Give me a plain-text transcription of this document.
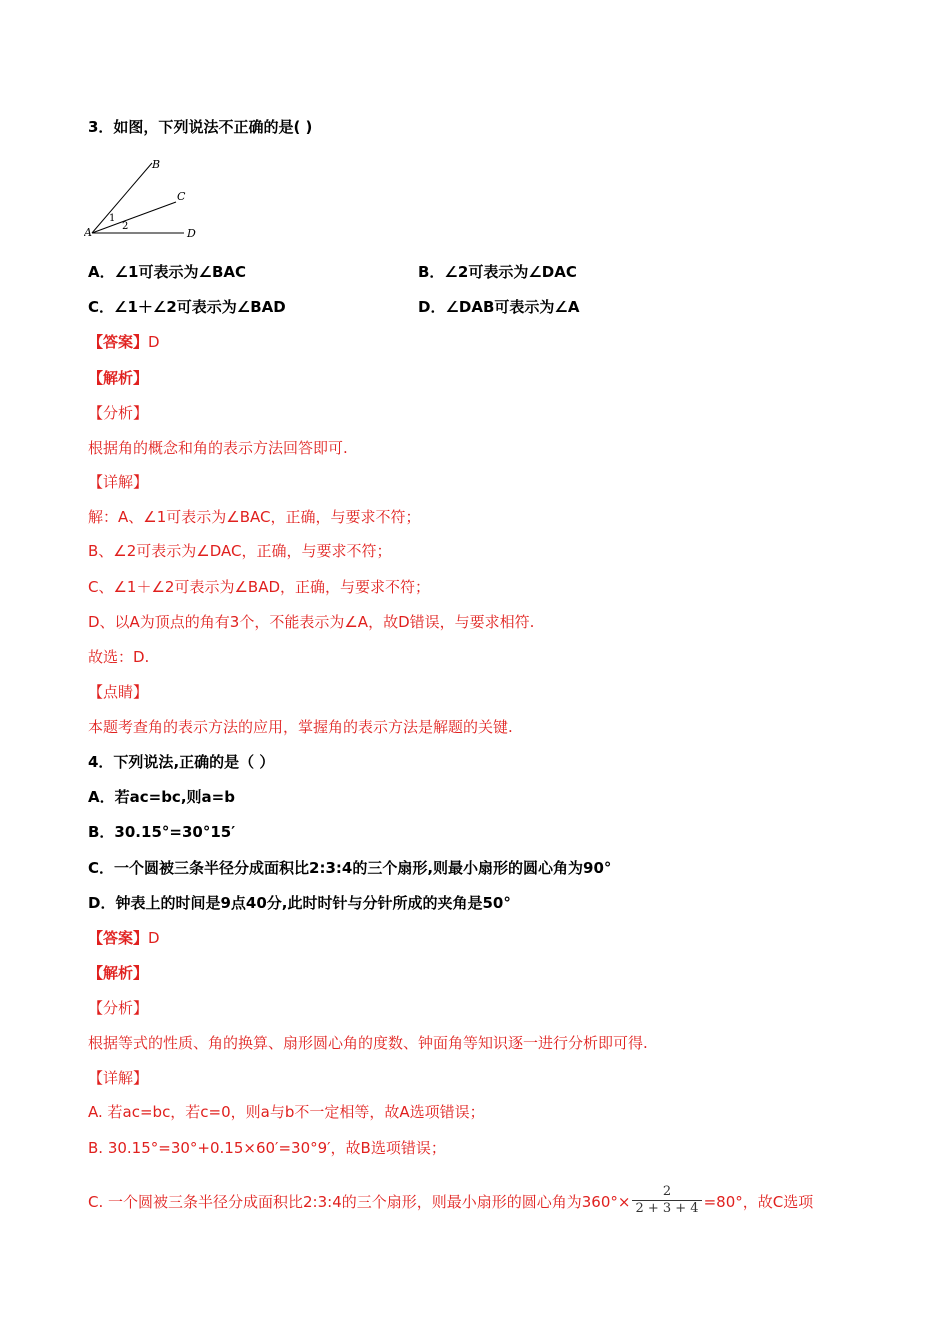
3．如图，下列说法不正确的是( )
A
B
C
D
1
2
A．∠1可表示为∠BAC	B．∠2可表示为∠DAC
C．∠1＋∠2可表示为∠BAD	D．∠DAB可表示为∠A
【答案】D
【解析】
【分析】
根据角的概念和角的表示方法回答即可.
【详解】
解：A、∠1可表示为∠BAC，正确，与要求不符；
B、∠2可表示为∠DAC，正确，与要求不符；
C、∠1＋∠2可表示为∠BAD，正确，与要求不符；
D、以A为顶点的角有3个，不能表示为∠A，故D错误，与要求相符.
故选：D.
【点睛】
本题考查角的表示方法的应用，掌握角的表示方法是解题的关键.
4．下列说法,正确的是（ ）
A．若ac=bc,则a=b
B．30.15°=30°15′
C．一个圆被三条半径分成面积比2:3:4的三个扇形,则最小扇形的圆心角为90°
D．钟表上的时间是9点40分,此时时针与分针所成的夹角是50°
【答案】D
【解析】
【分析】
根据等式的性质、角的换算、扇形圆心角的度数、钟面角等知识逐一进行分析即可得.
【详解】
A. 若ac=bc，若c=0，则a与b不一定相等，故A选项错误；
B. 30.15°=30°+0.15×60′=30°9′，故B选项错误；
C. 一个圆被三条半径分成面积比2:3:4的三个扇形，则最小扇形的圆心角为$360^\circ\times \frac{2}{2 + 3 + 4} =80^\circ$，故C选项
